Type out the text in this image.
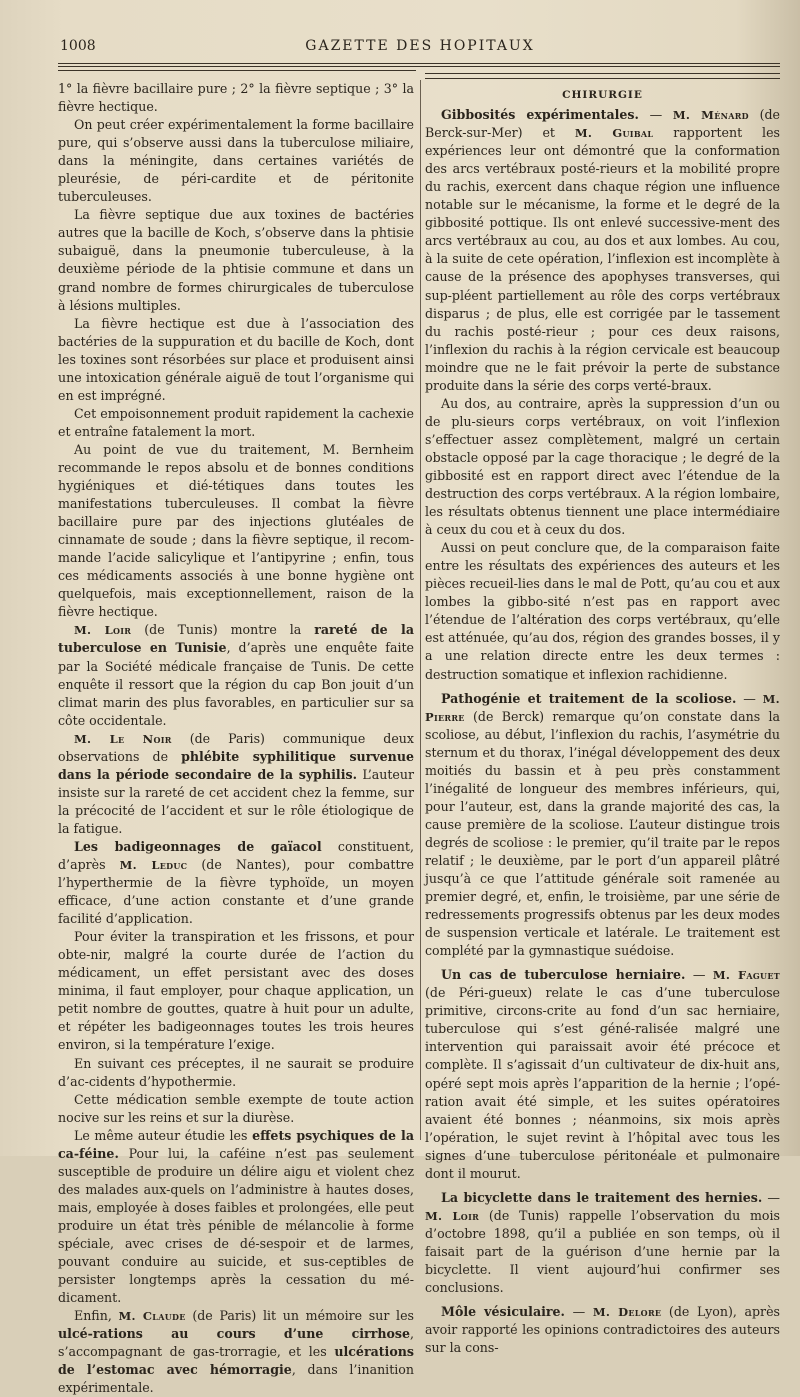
GAZETTE DES HOPITAUX
1008

1° la fièvre bacillaire pure ; 2° la fièvre septique ; 3° la fièvre hectique.

On peut créer expérimentalement la forme bacillaire pure, qui s’observe aussi dans la tuberculose miliaire, dans la méningite, dans certaines variétés de pleurésie, de péri-cardite et de péritonite tuberculeuses.

La fièvre septique due aux toxines de bactéries autres que la bacille de Koch, s’observe dans la phtisie subaiguë, dans la pneumonie tuberculeuse, à la deuxième période de la phtisie commune et dans un grand nombre de formes chirurgicales de tuberculose à lésions multiples.

La fièvre hectique est due à l’association des bactéries de la suppuration et du bacille de Koch, dont les toxines sont résorbées sur place et produisent ainsi une intoxication générale aiguë de tout l’organisme qui en est imprégné.

Cet empoisonnement produit rapidement la cachexie et entraîne fatalement la mort.

Au point de vue du traitement, M. Bernheim recommande le repos absolu et de bonnes conditions hygiéniques et dié-tétiques dans toutes les manifestations tuberculeuses. Il combat la fièvre bacillaire pure par des injections glutéales de cinnamate de soude ; dans la fièvre septique, il recom-mande l’acide salicylique et l’antipyrine ; enfin, tous ces médicaments associés à une bonne hygiène ont quelquefois, mais exceptionnellement, raison de la fièvre hectique.

M. Loir (de Tunis) montre la rareté de la tuberculose en Tunisie, d’après une enquête faite par la Société médicale française de Tunis. De cette enquête il ressort que la région du cap Bon jouit d’un climat marin des plus favorables, en particulier sur sa côte occidentale.

M. Le Noir (de Paris) communique deux observations de phlébite syphilitique survenue dans la période secondaire de la syphilis. L’auteur insiste sur la rareté de cet accident chez la femme, sur la précocité de l’accident et sur le rôle étiologique de la fatigue.

Les badigeonnages de gaïacol constituent, d’après M. Leduc (de Nantes), pour combattre l’hyperthermie de la fièvre typhoïde, un moyen efficace, d’une action constante et d’une grande facilité d’application.

Pour éviter la transpiration et les frissons, et pour obte-nir, malgré la courte durée de l’action du médicament, un effet persistant avec des doses minima, il faut employer, pour chaque application, un petit nombre de gouttes, quatre à huit pour un adulte, et répéter les badigeonnages toutes les trois heures environ, si la température l’exige.

En suivant ces préceptes, il ne saurait se produire d’ac-cidents d’hypothermie.

Cette médication semble exempte de toute action nocive sur les reins et sur la diurèse.

Le même auteur étudie les effets psychiques de la ca-féine. Pour lui, la caféine n’est pas seulement susceptible de produire un délire aigu et violent chez des malades aux-quels on l’administre à hautes doses, mais, employée à doses faibles et prolongées, elle peut produire un état très pénible de mélancolie à forme spéciale, avec crises de dé-sespoir et de larmes, pouvant conduire au suicide, et sus-ceptibles de persister longtemps après la cessation du mé-dicament.

Enfin, M. Claude (de Paris) lit un mémoire sur les ulcé-rations au cours d’une cirrhose, s’accompagnant de gas-trorragie, et les ulcérations de l’estomac avec hémorragie, dans l’inanition expérimentale.

CHIRURGIE

Gibbosités expérimentales. — M. Ménard (de Berck-sur-Mer) et M. Guibal rapportent les expériences leur ont démontré que la conformation des arcs vertébraux posté-rieurs et la mobilité propre du rachis, exercent dans chaque région une influence notable sur le mécanisme, la forme et le degré de la gibbosité pottique. Ils ont enlevé successive-ment des arcs vertébraux au cou, au dos et aux lombes. Au cou, à la suite de cete opération, l’inflexion est incomplète à cause de la présence des apophyses transverses, qui sup-pléent partiellement au rôle des corps vertébraux disparus ; de plus, elle est corrigée par le tassement du rachis posté-rieur ; pour ces deux raisons, l’inflexion du rachis à la région cervicale est beaucoup moindre que ne le fait prévoir la perte de substance produite dans la série des corps verté-braux.

Au dos, au contraire, après la suppression d’un ou de plu-sieurs corps vertébraux, on voit l’inflexion s’effectuer assez complètement, malgré un certain obstacle opposé par la cage thoracique ; le degré de la gibbosité est en rapport direct avec l’étendue de la destruction des corps vertébraux. A la région lombaire, les résultats obtenus tiennent une place intermédiaire à ceux du cou et à ceux du dos.

Aussi on peut conclure que, de la comparaison faite entre les résultats des expériences des auteurs et les pièces recueil-lies dans le mal de Pott, qu’au cou et aux lombes la gibbo-sité n’est pas en rapport avec l’étendue de l’altération des corps vertébraux, qu’elle est atténuée, qu’au dos, région des grandes bosses, il y a une relation directe entre les deux termes : destruction somatique et inflexion rachidienne.

Pathogénie et traitement de la scoliose. — M. Pierre (de Berck) remarque qu’on constate dans la scoliose, au début, l’inflexion du rachis, l’asymétrie du sternum et du thorax, l’inégal développement des deux moitiés du bassin et à peu près constamment l’inégalité de longueur des membres inférieurs, qui, pour l’auteur, est, dans la grande majorité des cas, la cause première de la scoliose. L’auteur distingue trois degrés de scoliose : le premier, qu’il traite par le repos relatif ; le deuxième, par le port d’un appareil plâtré jusqu’à ce que l’attitude générale soit ramenée au premier degré, et, enfin, le troisième, par une série de redressements progressifs obtenus par les deux modes de suspension verticale et latérale. Le traitement est complété par la gymnastique suédoise.

Un cas de tuberculose herniaire. — M. Faguet (de Péri-gueux) relate le cas d’une tuberculose primitive, circons-crite au fond d’un sac herniaire, tuberculose qui s’est géné-ralisée malgré une intervention qui paraissait avoir été précoce et complète. Il s’agissait d’un cultivateur de dix-huit ans, opéré sept mois après l’apparition de la hernie ; l’opé-ration avait été simple, et les suites opératoires avaient été bonnes ; néanmoins, six mois après l’opération, le sujet revint à l’hôpital avec tous les signes d’une tuberculose péritonéale et pulmonaire dont il mourut.

La bicyclette dans le traitement des hernies. — M. Loir (de Tunis) rappelle l’observation du mois d’octobre 1898, qu’il a publiée en son temps, où il faisait part de la guérison d’une hernie par la bicyclette. Il vient aujourd’hui confirmer ses conclusions.

Môle vésiculaire. — M. Delore (de Lyon), après avoir rapporté les opinions contradictoires des auteurs sur la cons-
